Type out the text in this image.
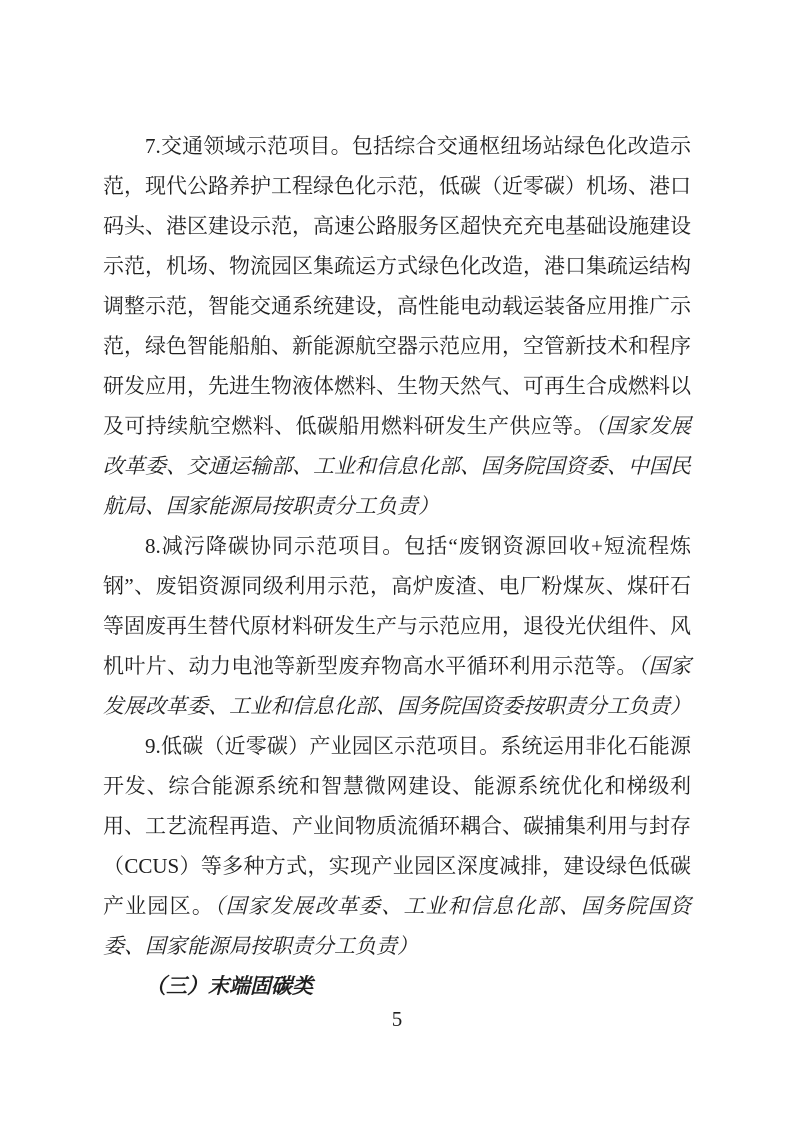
7.交通领域示范项目。包括综合交通枢纽场站绿色化改造示范，现代公路养护工程绿色化示范，低碳（近零碳）机场、港口码头、港区建设示范，高速公路服务区超快充充电基础设施建设示范，机场、物流园区集疏运方式绿色化改造，港口集疏运结构调整示范，智能交通系统建设，高性能电动载运装备应用推广示范，绿色智能船舶、新能源航空器示范应用，空管新技术和程序研发应用，先进生物液体燃料、生物天然气、可再生合成燃料以及可持续航空燃料、低碳船用燃料研发生产供应等。（国家发展改革委、交通运输部、工业和信息化部、国务院国资委、中国民航局、国家能源局按职责分工负责）

8.减污降碳协同示范项目。包括“废钢资源回收+短流程炼钢”、废铝资源同级利用示范，高炉废渣、电厂粉煤灰、煤矸石等固废再生替代原材料研发生产与示范应用，退役光伏组件、风机叶片、动力电池等新型废弃物高水平循环利用示范等。（国家发展改革委、工业和信息化部、国务院国资委按职责分工负责）

9.低碳（近零碳）产业园区示范项目。系统运用非化石能源开发、综合能源系统和智慧微网建设、能源系统优化和梯级利用、工艺流程再造、产业间物质流循环耦合、碳捕集利用与封存（CCUS）等多种方式，实现产业园区深度减排，建设绿色低碳产业园区。（国家发展改革委、工业和信息化部、国务院国资委、国家能源局按职责分工负责）

（三）末端固碳类

5
